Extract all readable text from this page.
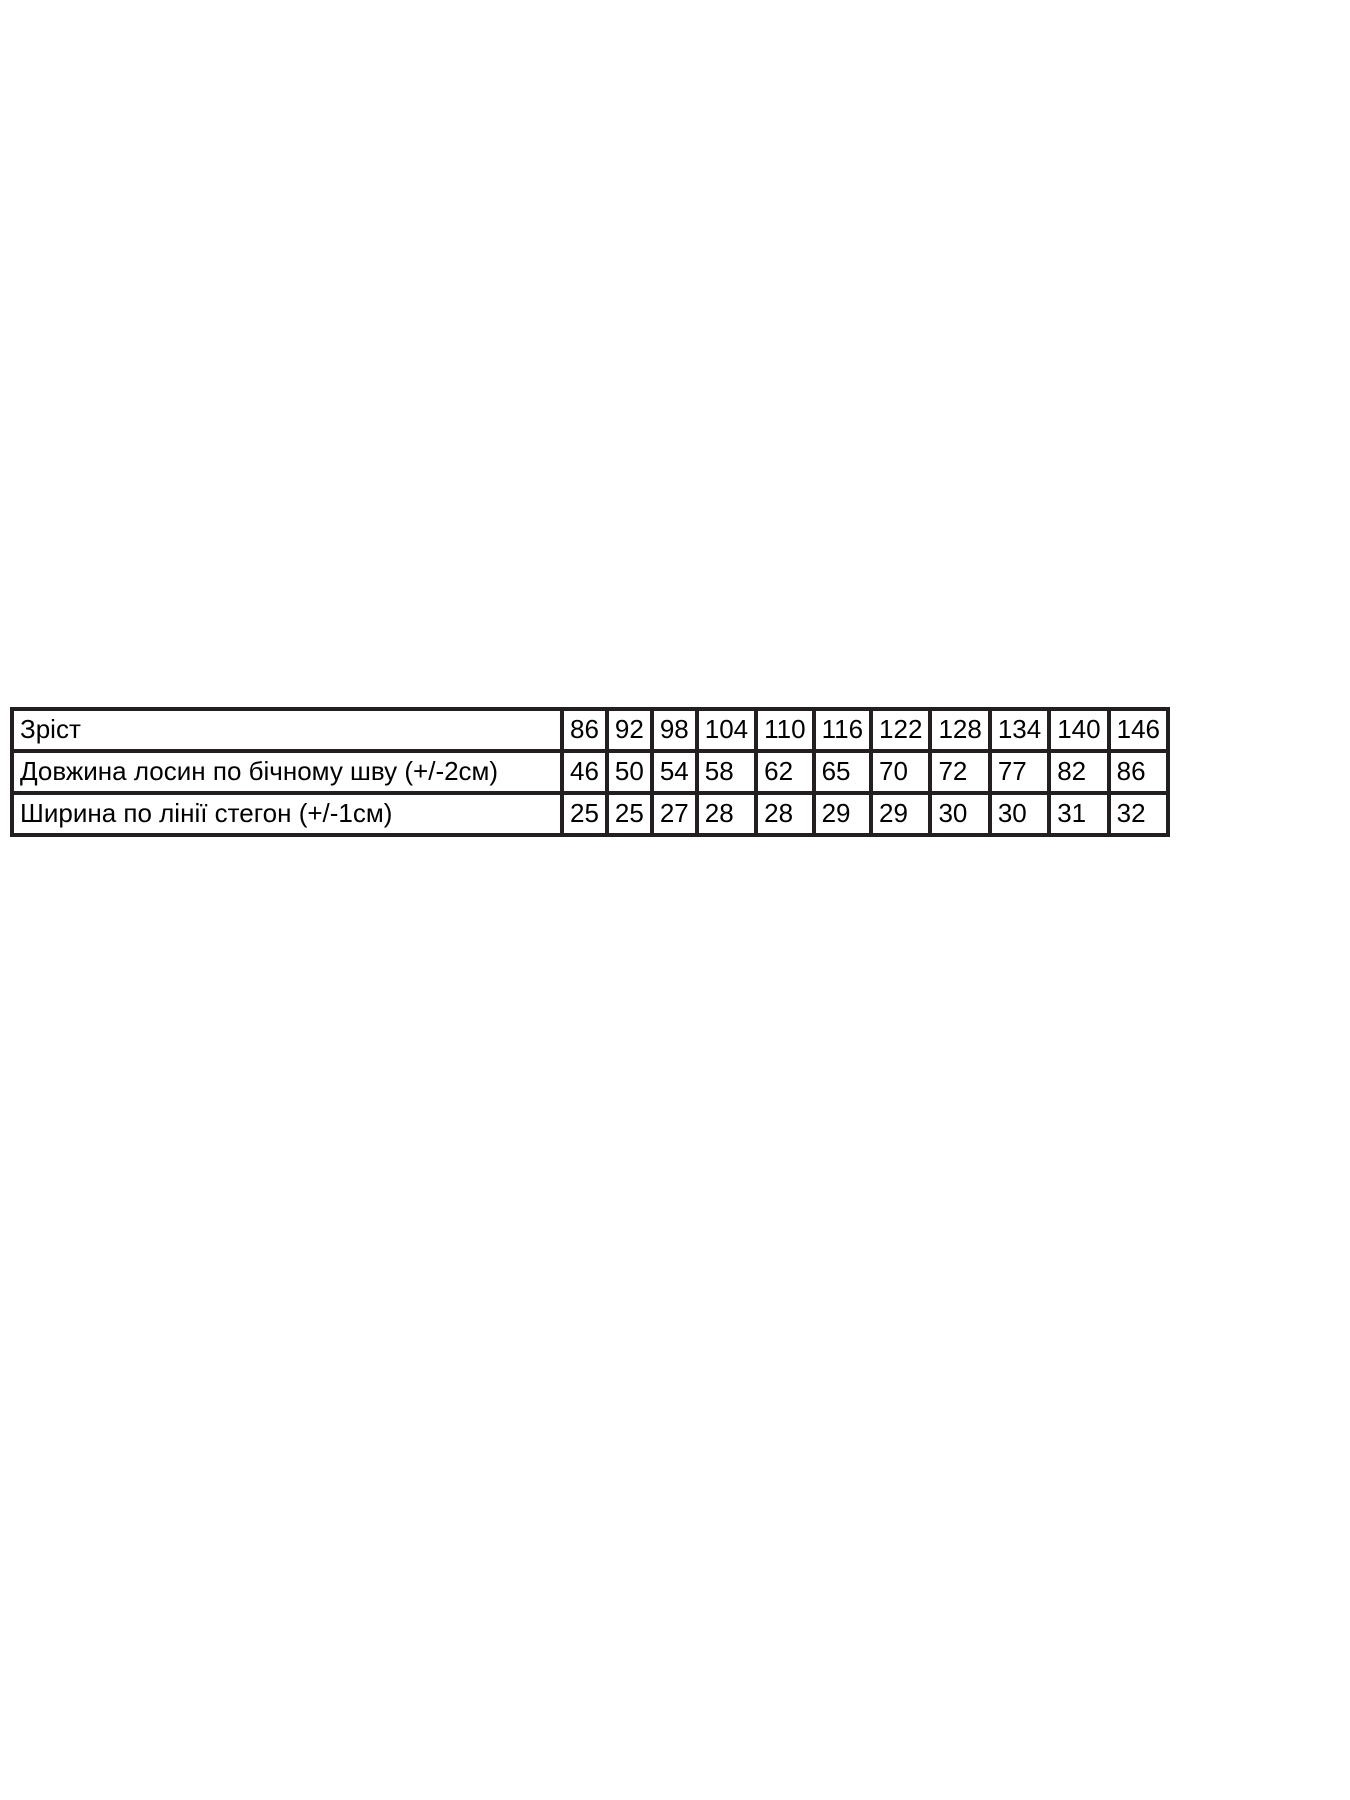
Зріст	86	92	98	104	110	116	122	128	134	140	146
Довжина лосин по бічному шву (+/-2см)	46	50	54	58	62	65	70	72	77	82	86
Ширина по лінії стегон (+/-1см)	25	25	27	28	28	29	29	30	30	31	32
